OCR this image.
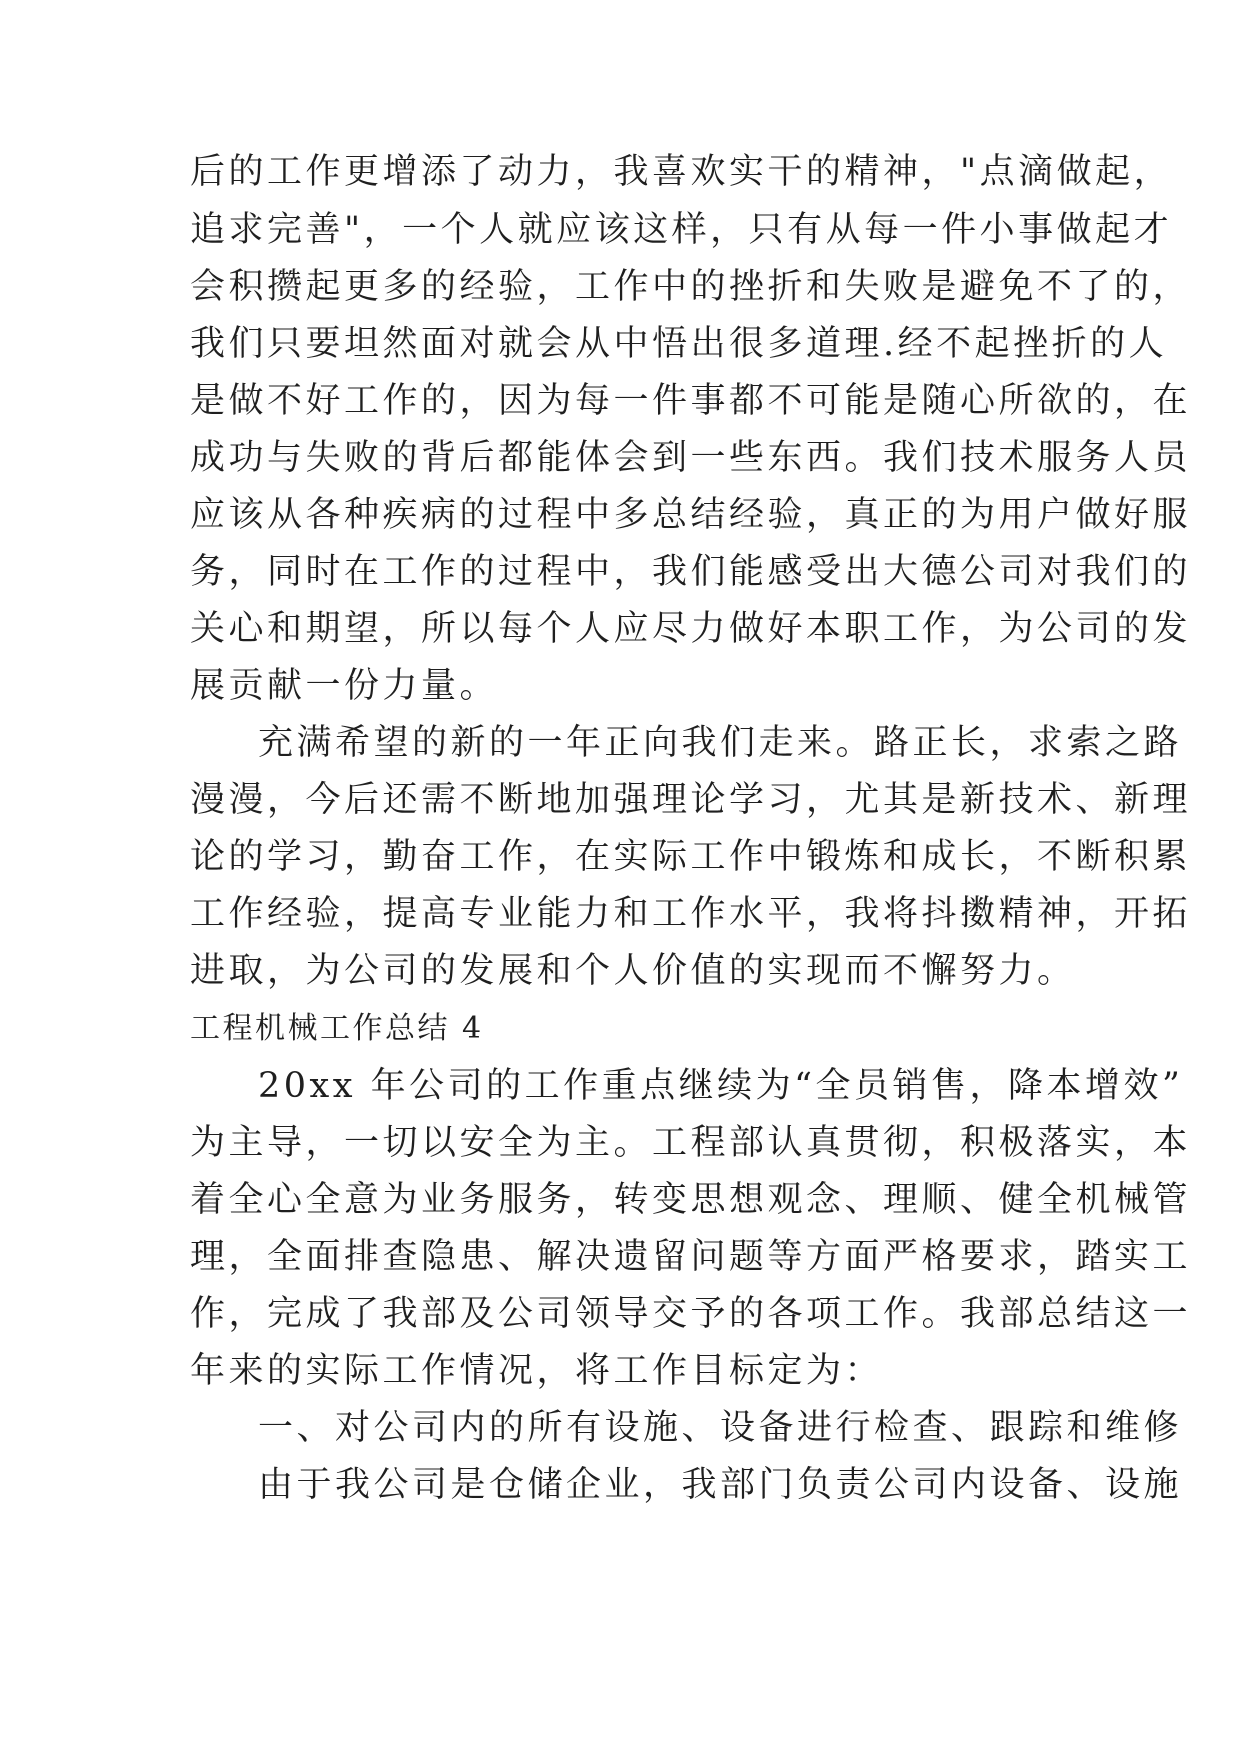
后的工作更增添了动力，我喜欢实干的精神，"点滴做起，
追求完善"，一个人就应该这样，只有从每一件小事做起才
会积攒起更多的经验，工作中的挫折和失败是避免不了的，
我们只要坦然面对就会从中悟出很多道理.经不起挫折的人
是做不好工作的，因为每一件事都不可能是随心所欲的，在
成功与失败的背后都能体会到一些东西。我们技术服务人员
应该从各种疾病的过程中多总结经验，真正的为用户做好服
务，同时在工作的过程中，我们能感受出大德公司对我们的
关心和期望，所以每个人应尽力做好本职工作，为公司的发
展贡献一份力量。
充满希望的新的一年正向我们走来。路正长，求索之路
漫漫，今后还需不断地加强理论学习，尤其是新技术、新理
论的学习，勤奋工作，在实际工作中锻炼和成长，不断积累
工作经验，提高专业能力和工作水平，我将抖擞精神，开拓
进取，为公司的发展和个人价值的实现而不懈努力。
工程机械工作总结 4
20xx 年公司的工作重点继续为“全员销售，降本增效”
为主导，一切以安全为主。工程部认真贯彻，积极落实，本
着全心全意为业务服务，转变思想观念、理顺、健全机械管
理，全面排查隐患、解决遗留问题等方面严格要求，踏实工
作，完成了我部及公司领导交予的各项工作。我部总结这一
年来的实际工作情况，将工作目标定为：
一、对公司内的所有设施、设备进行检查、跟踪和维修
由于我公司是仓储企业，我部门负责公司内设备、设施
